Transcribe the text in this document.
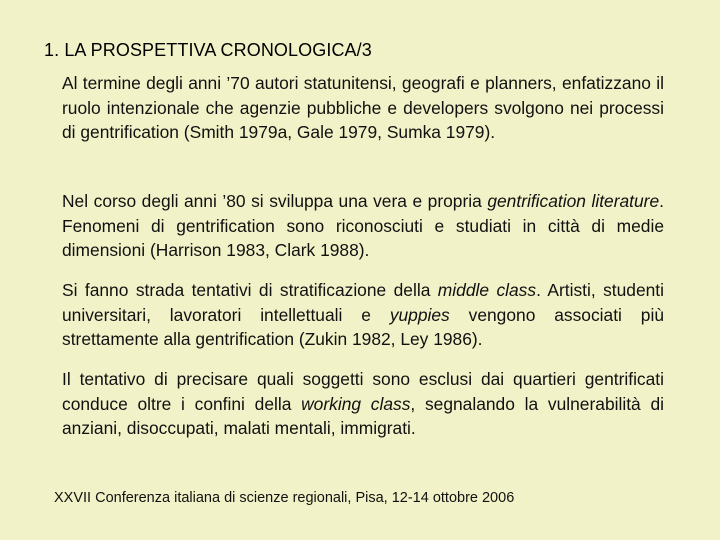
1. LA PROSPETTIVA CRONOLOGICA/3
Al termine degli anni ’70 autori statunitensi, geografi e planners, enfatizzano il ruolo intenzionale che agenzie pubbliche e developers svolgono nei processi di gentrification (Smith 1979a, Gale 1979, Sumka 1979).
Nel corso degli anni ’80 si sviluppa una vera e propria gentrification literature. Fenomeni di gentrification sono riconosciuti e studiati in città di medie dimensioni (Harrison 1983, Clark 1988).
Si fanno strada tentativi di stratificazione della middle class. Artisti, studenti universitari, lavoratori intellettuali e yuppies vengono associati più strettamente alla gentrification (Zukin 1982, Ley 1986).
Il tentativo di precisare quali soggetti sono esclusi dai quartieri gentrificati conduce oltre i confini della working class, segnalando la vulnerabilità di anziani, disoccupati, malati mentali, immigrati.
XXVII Conferenza italiana di scienze regionali, Pisa, 12-14 ottobre 2006
